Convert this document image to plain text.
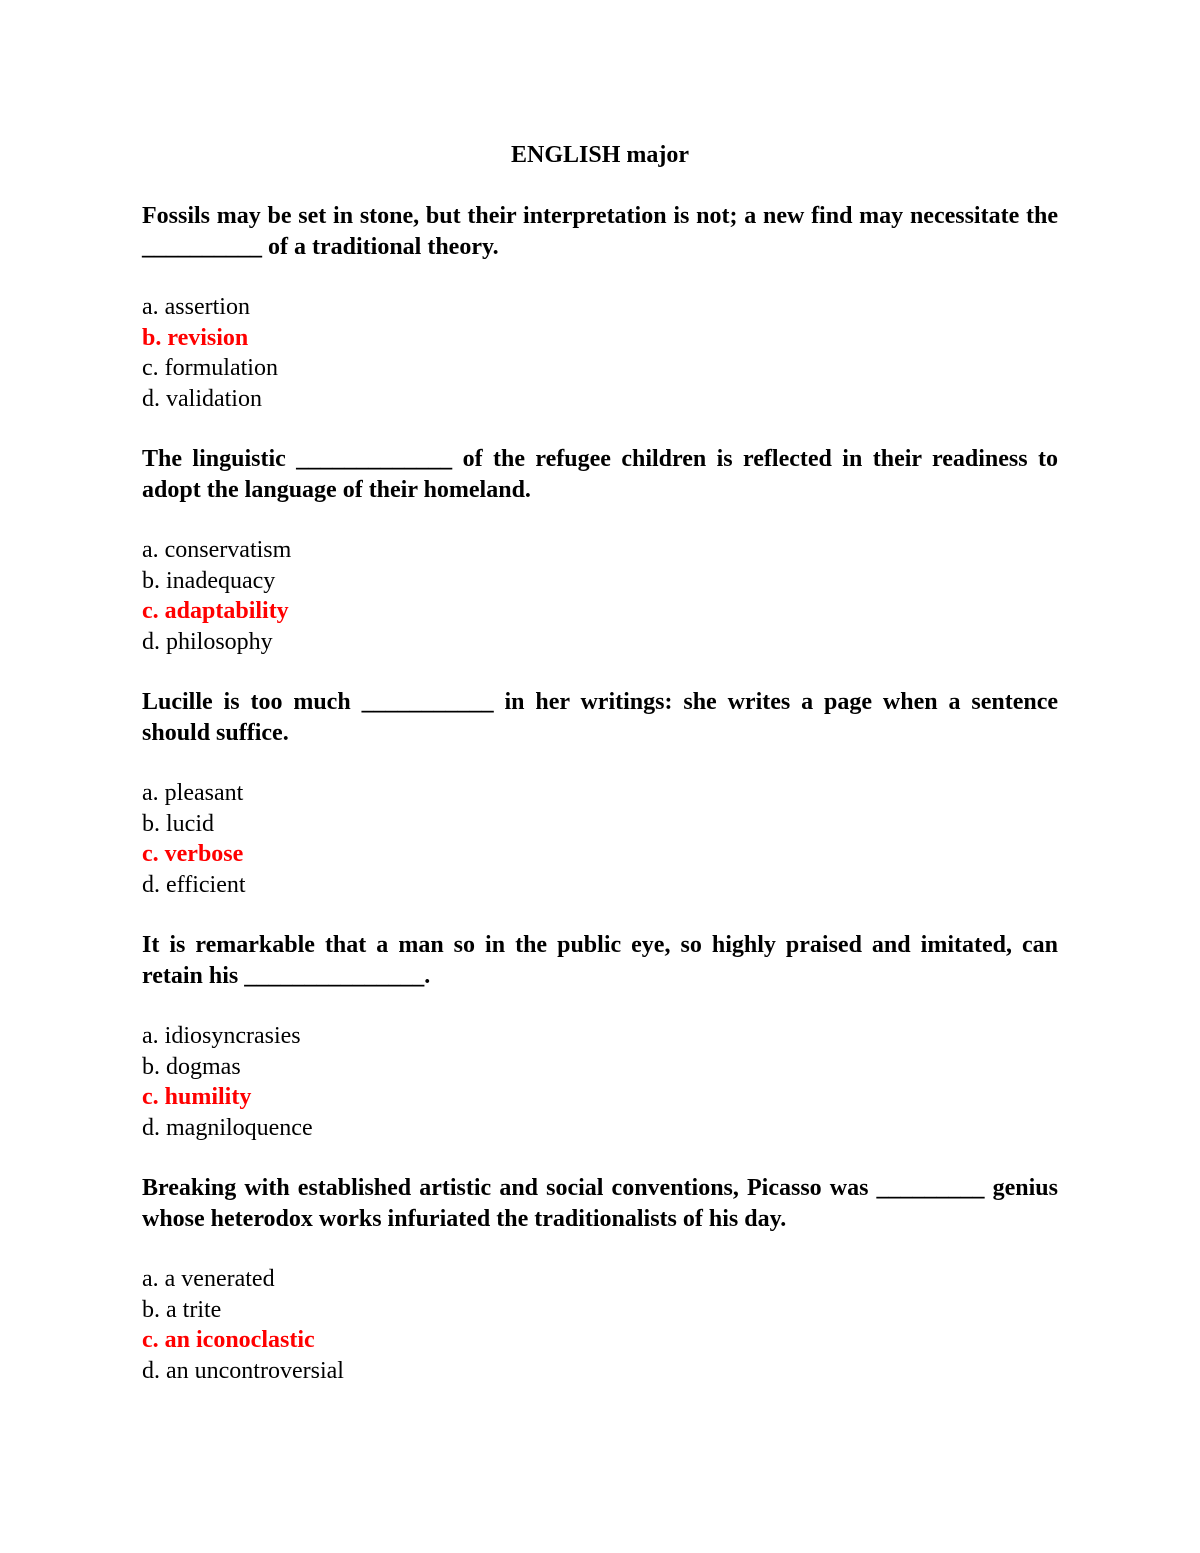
ENGLISH major
Fossils may be set in stone, but their interpretation is not; a new find may necessitate the __________ of a traditional theory.
a. assertion
b. revision
c. formulation
d. validation
The linguistic _____________ of the refugee children is reflected in their readiness to adopt the language of their homeland.
a. conservatism
b. inadequacy
c. adaptability
d. philosophy
Lucille is too much ___________ in her writings: she writes a page when a sentence should suffice.
a. pleasant
b. lucid
c. verbose
d. efficient
It is remarkable that a man so in the public eye, so highly praised and imitated, can retain his _______________.
a. idiosyncrasies
b. dogmas
c. humility
d. magniloquence
Breaking with established artistic and social conventions, Picasso was _________ genius whose heterodox works infuriated the traditionalists of his day.
a. a venerated
b. a trite
c. an iconoclastic
d. an uncontroversial
